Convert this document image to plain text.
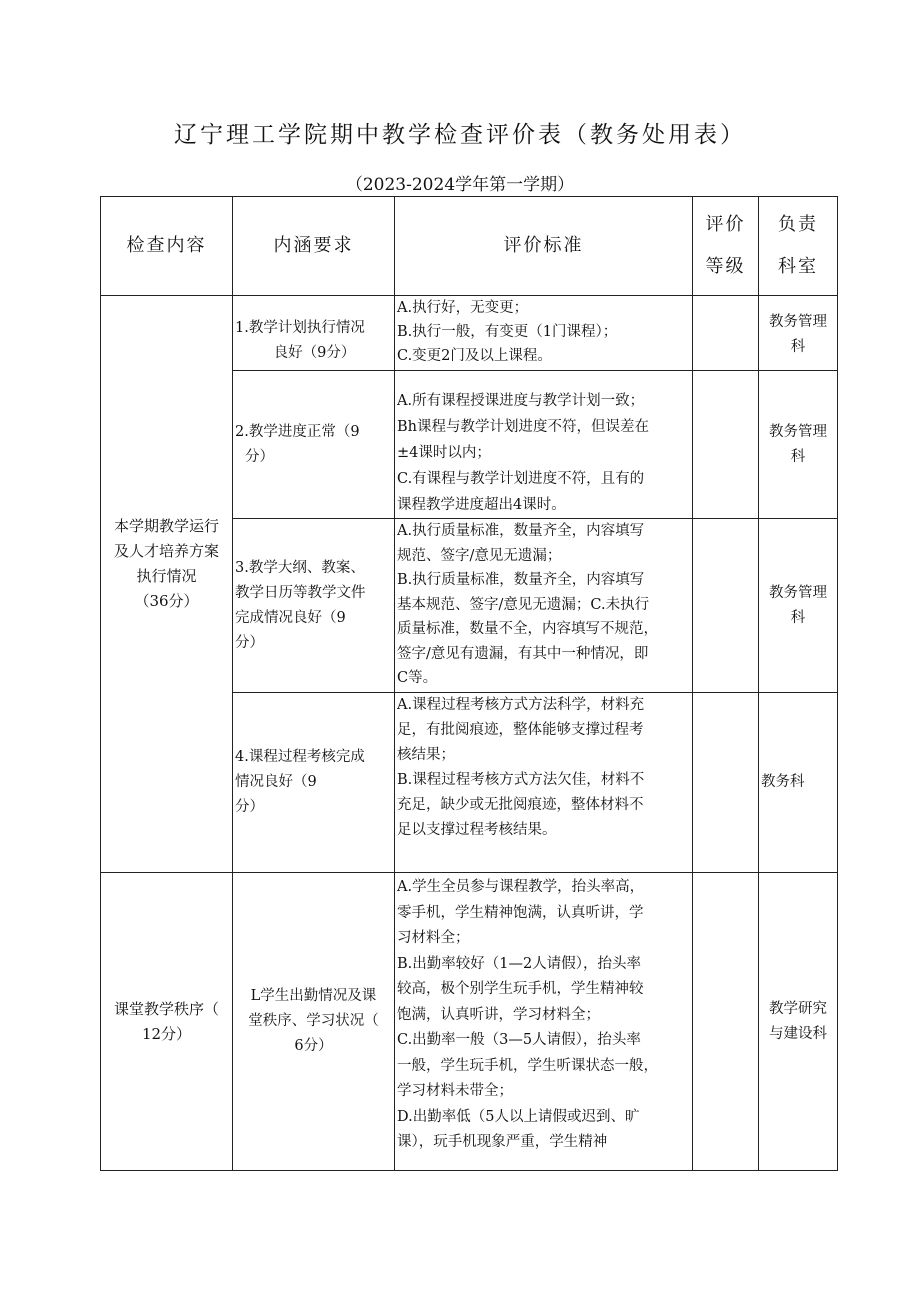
辽宁理工学院期中教学检查评价表（教务处用表）
（2023-2024学年第一学期）
检查内容	内涵要求	评价标准
评价
等级
负责
科室
本学期教学运行
及人才培养方案
执行情况
（36分）
课堂教学秩序（
12分）
1.教学计划执行情况
良好（9分）
A.执行好，无变更；
B.执行一般，有变更（1门课程）；
C.变更2门及以上课程。
教务管理
科
2.教学进度正常（9
分）
A.所有课程授课进度与教学计划一致；
Bh课程与教学计划进度不符，但误差在
±4课时以内；
C.有课程与教学计划进度不符，且有的
课程教学进度超出4课时。
教务管理
科
3.教学大纲、教案、
教学日历等教学文件
完成情况良好（9
分）
A.执行质量标准，数量齐全，内容填写
规范、签字/意见无遗漏；
B.执行质量标准，数量齐全，内容填写
基本规范、签字/意见无遗漏；C.未执行
质量标准，数量不全，内容填写不规范，
签字/意见有遗漏，有其中一种情况，即
C等。
教务管理
科
4.课程过程考核完成
情况良好（9
分）
A.课程过程考核方式方法科学，材料充
足，有批阅痕迹，整体能够支撑过程考
核结果；
B.课程过程考核方式方法欠佳，材料不
充足，缺少或无批阅痕迹，整体材料不
足以支撑过程考核结果。
教务科
L学生出勤情况及课
堂秩序、学习状况（
6分）
A.学生全员参与课程教学，抬头率高，
零手机，学生精神饱满，认真听讲，学
习材料全；
B.出勤率较好（1—2人请假），抬头率
较高，极个别学生玩手机，学生精神较
饱满，认真听讲，学习材料全；
C.出勤率一般（3—5人请假），抬头率
一般，学生玩手机，学生听课状态一般，
学习材料未带全；
D.出勤率低（5人以上请假或迟到、旷
课），玩手机现象严重，学生精神
教学研究
与建设科
